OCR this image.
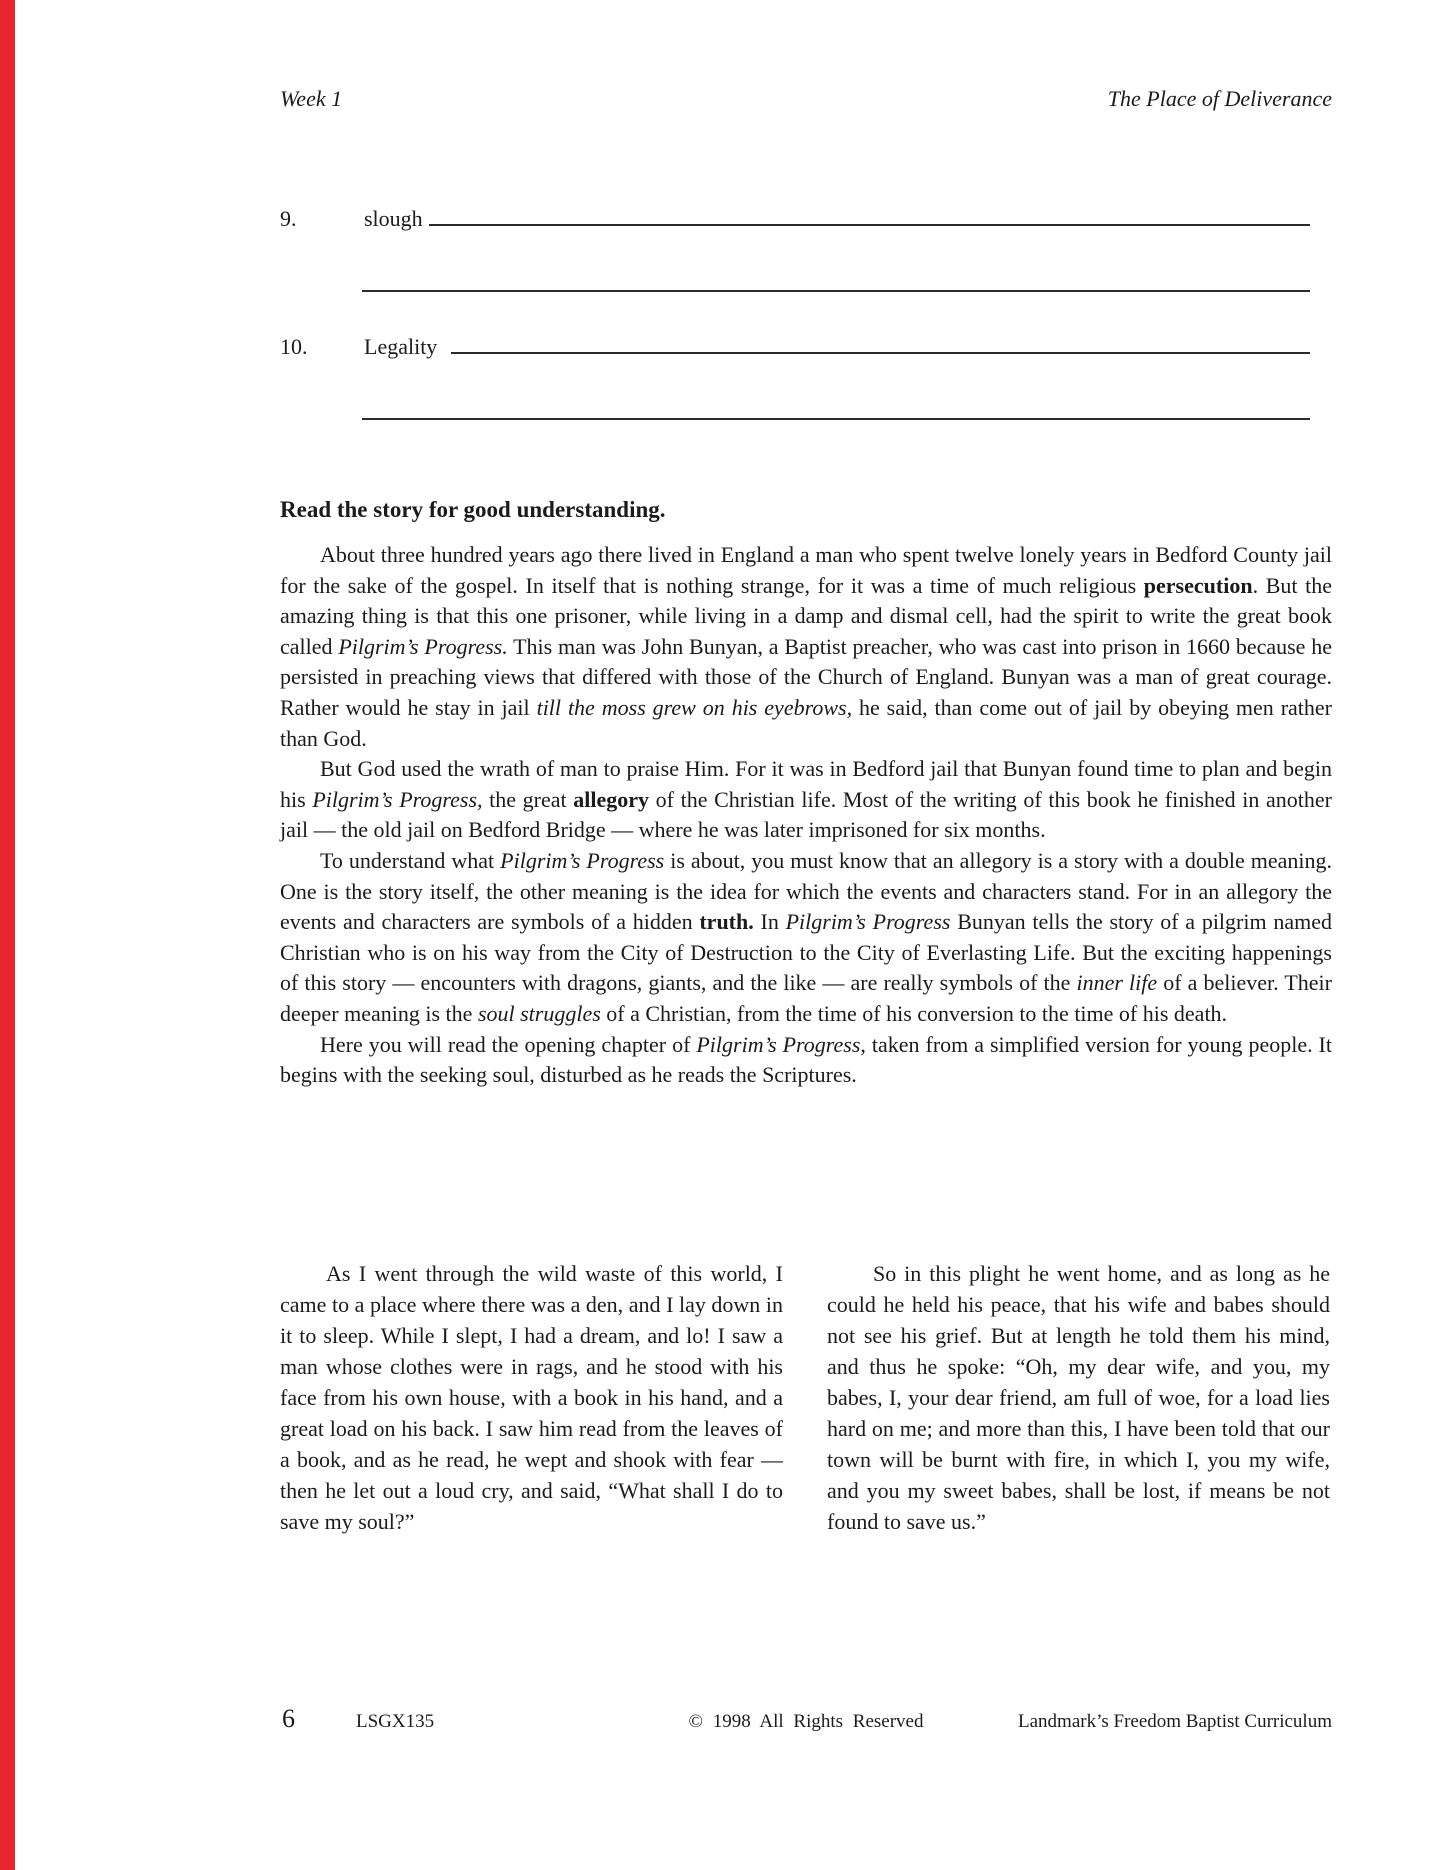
Week 1	The Place of Deliverance
9.	slough
10.	Legality
Read the story for good understanding.

About three hundred years ago there lived in England a man who spent twelve lonely years in Bedford County jail for the sake of the gospel. In itself that is nothing strange, for it was a time of much religious persecution. But the amazing thing is that this one prisoner, while living in a damp and dismal cell, had the spirit to write the great book called Pilgrim’s Progress. This man was John Bunyan, a Baptist preacher, who was cast into prison in 1660 because he persisted in preaching views that differed with those of the Church of England. Bunyan was a man of great courage. Rather would he stay in jail till the moss grew on his eyebrows, he said, than come out of jail by obeying men rather than God.

But God used the wrath of man to praise Him. For it was in Bedford jail that Bunyan found time to plan and begin his Pilgrim’s Progress, the great allegory of the Christian life. Most of the writing of this book he finished in another jail — the old jail on Bedford Bridge — where he was later imprisoned for six months.

To understand what Pilgrim’s Progress is about, you must know that an allegory is a story with a double meaning. One is the story itself, the other meaning is the idea for which the events and characters stand. For in an allegory the events and characters are symbols of a hidden truth. In Pilgrim’s Progress Bunyan tells the story of a pilgrim named Christian who is on his way from the City of Destruction to the City of Everlasting Life. But the exciting happenings of this story — encounters with dragons, giants, and the like — are really symbols of the inner life of a believer. Their deeper meaning is the soul struggles of a Christian, from the time of his conversion to the time of his death.

Here you will read the opening chapter of Pilgrim’s Progress, taken from a simplified version for young people. It begins with the seeking soul, disturbed as he reads the Scriptures.

As I went through the wild waste of this world, I came to a place where there was a den, and I lay down in it to sleep. While I slept, I had a dream, and lo! I saw a man whose clothes were in rags, and he stood with his face from his own house, with a book in his hand, and a great load on his back. I saw him read from the leaves of a book, and as he read, he wept and shook with fear — then he let out a loud cry, and said, “What shall I do to save my soul?”

So in this plight he went home, and as long as he could he held his peace, that his wife and babes should not see his grief. But at length he told them his mind, and thus he spoke: “Oh, my dear wife, and you, my babes, I, your dear friend, am full of woe, for a load lies hard on me; and more than this, I have been told that our town will be burnt with fire, in which I, you my wife, and you my sweet babes, shall be lost, if means be not found to save us.”

6	LSGX135	© 1998 All Rights Reserved	Landmark’s Freedom Baptist Curriculum
